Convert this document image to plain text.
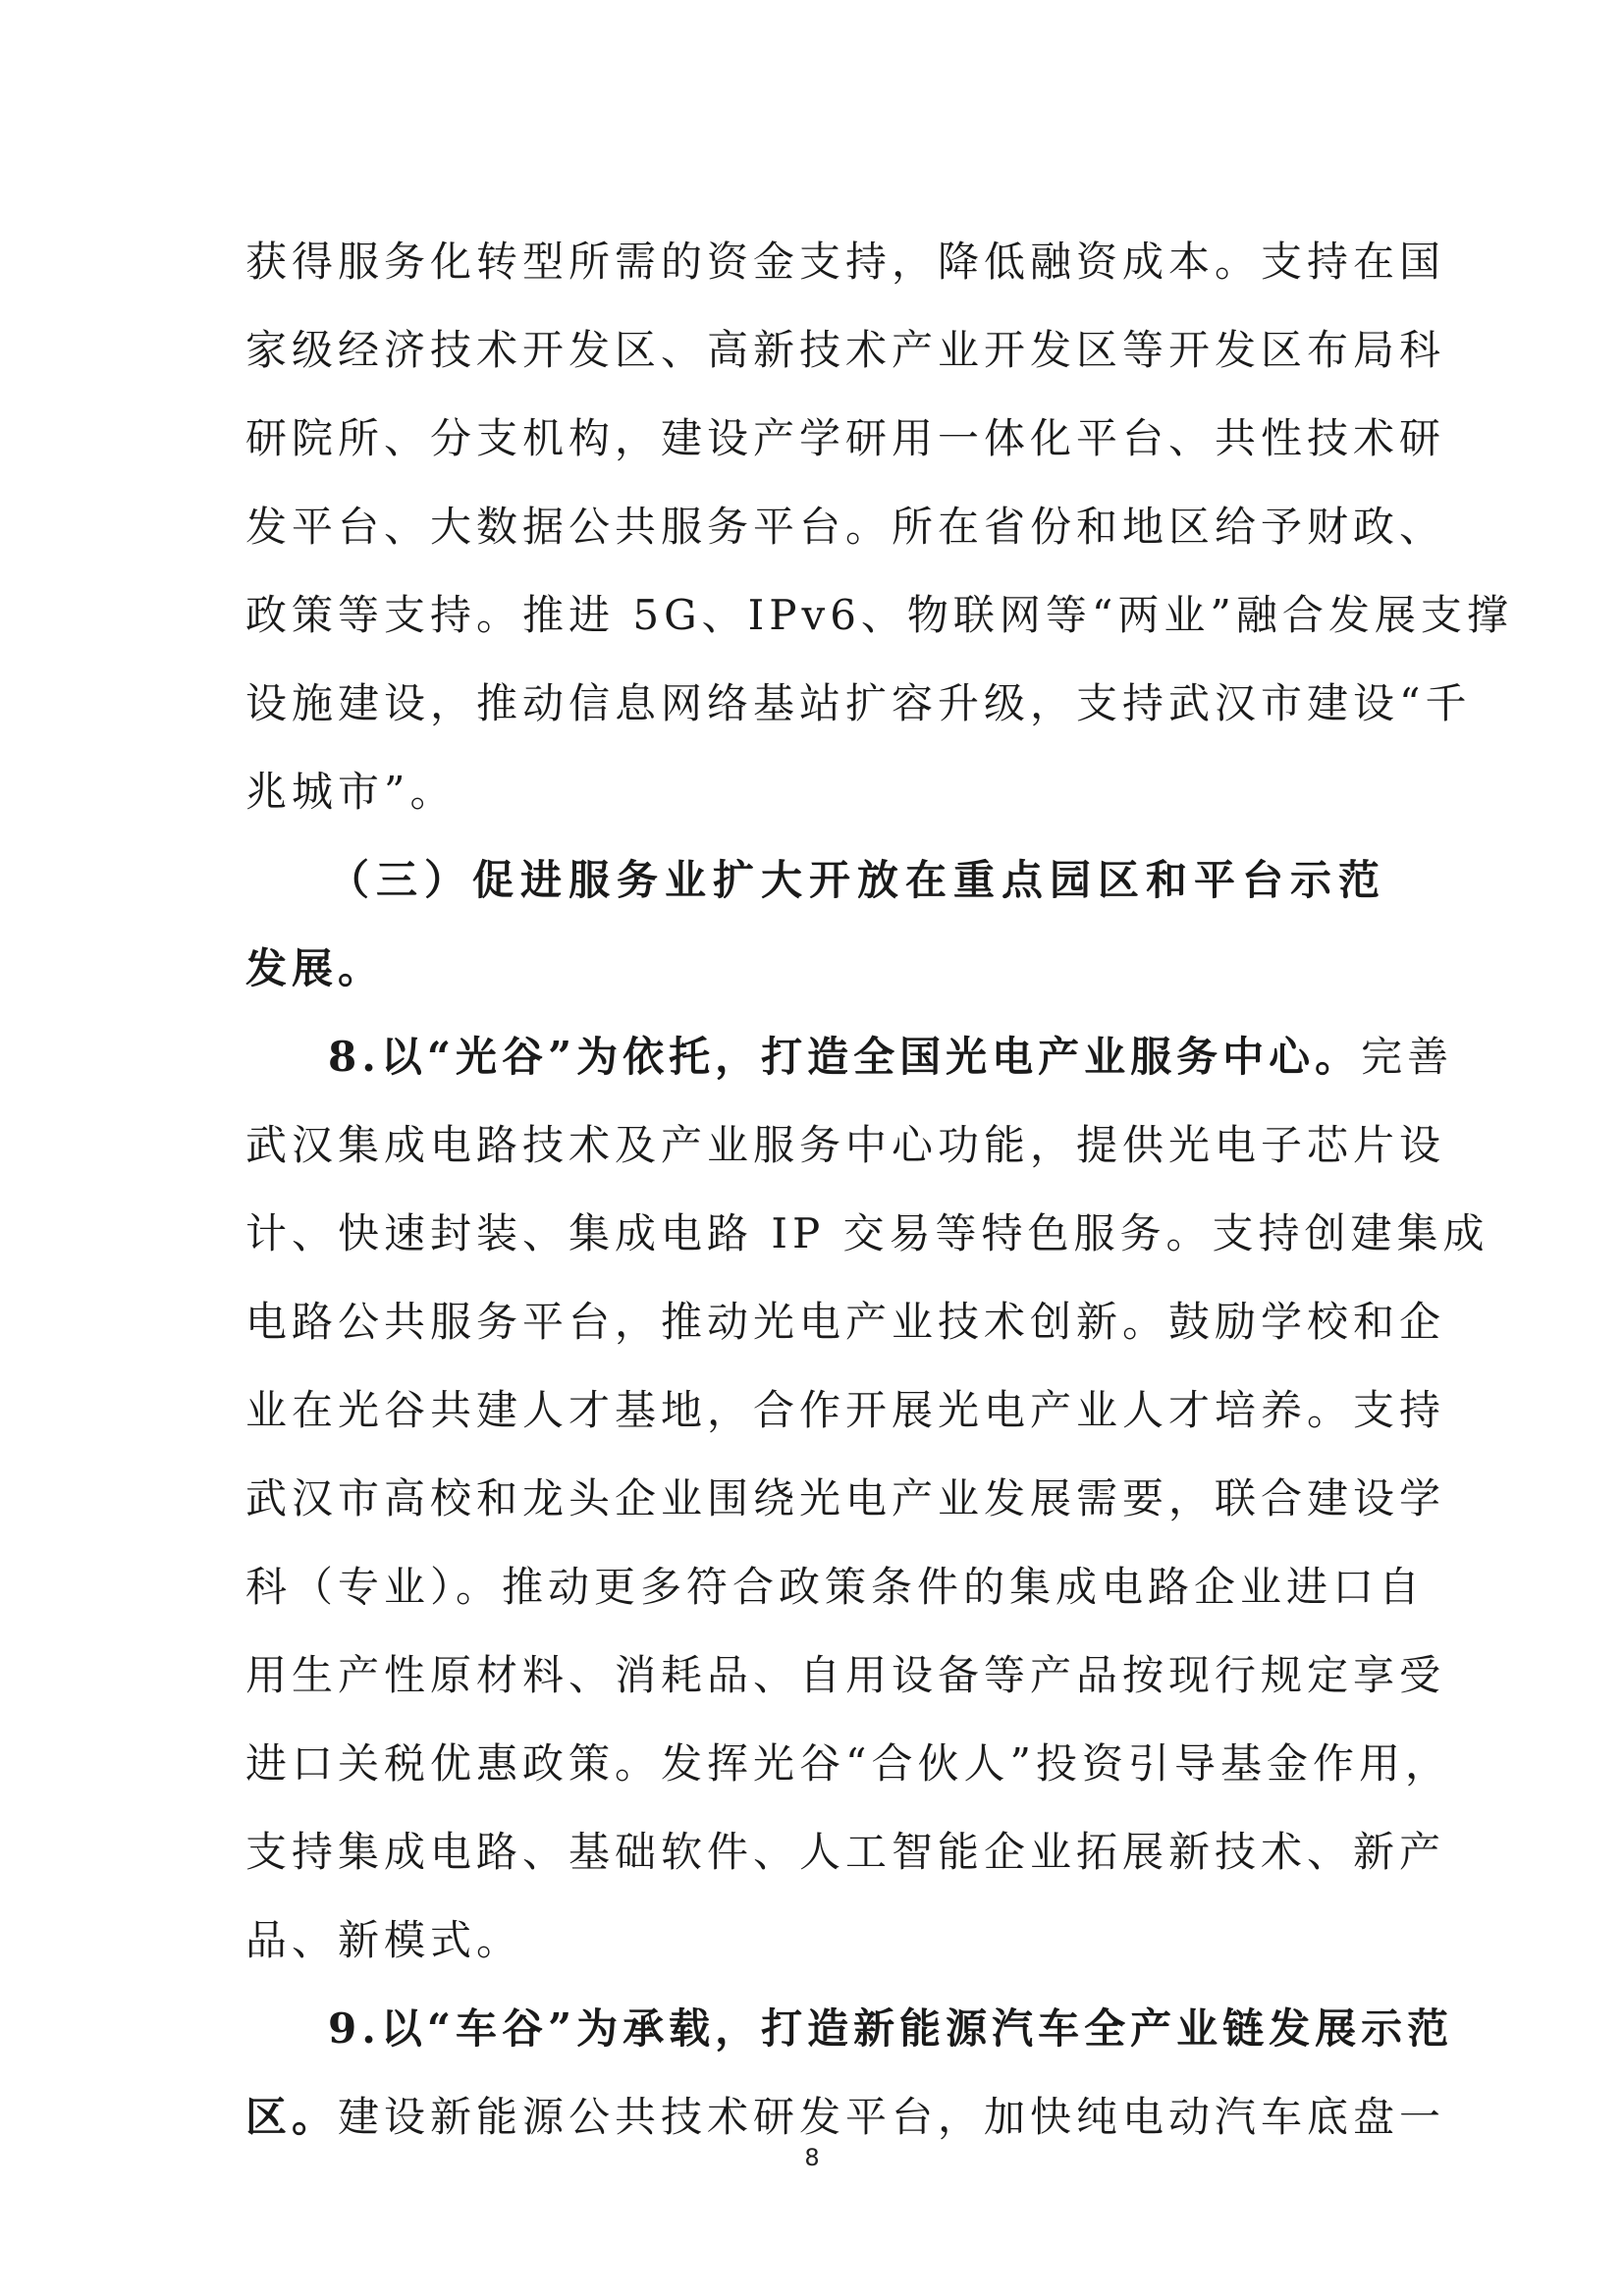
获得服务化转型所需的资金支持，降低融资成本。支持在国
家级经济技术开发区、高新技术产业开发区等开发区布局科
研院所、分支机构，建设产学研用一体化平台、共性技术研
发平台、大数据公共服务平台。所在省份和地区给予财政、
政策等支持。推进 5G、IPv6、物联网等“两业”融合发展支撑
设施建设，推动信息网络基站扩容升级，支持武汉市建设“千
兆城市”。

（三）促进服务业扩大开放在重点园区和平台示范发展。

8.以“光谷”为依托，打造全国光电产业服务中心。完善
武汉集成电路技术及产业服务中心功能，提供光电子芯片设
计、快速封装、集成电路 IP 交易等特色服务。支持创建集成
电路公共服务平台，推动光电产业技术创新。鼓励学校和企
业在光谷共建人才基地，合作开展光电产业人才培养。支持
武汉市高校和龙头企业围绕光电产业发展需要，联合建设学
科（专业）。推动更多符合政策条件的集成电路企业进口自
用生产性原材料、消耗品、自用设备等产品按现行规定享受
进口关税优惠政策。发挥光谷“合伙人”投资引导基金作用，
支持集成电路、基础软件、人工智能企业拓展新技术、新产
品、新模式。

9.以“车谷”为承载，打造新能源汽车全产业链发展示范
区。建设新能源公共技术研发平台，加快纯电动汽车底盘一

8
